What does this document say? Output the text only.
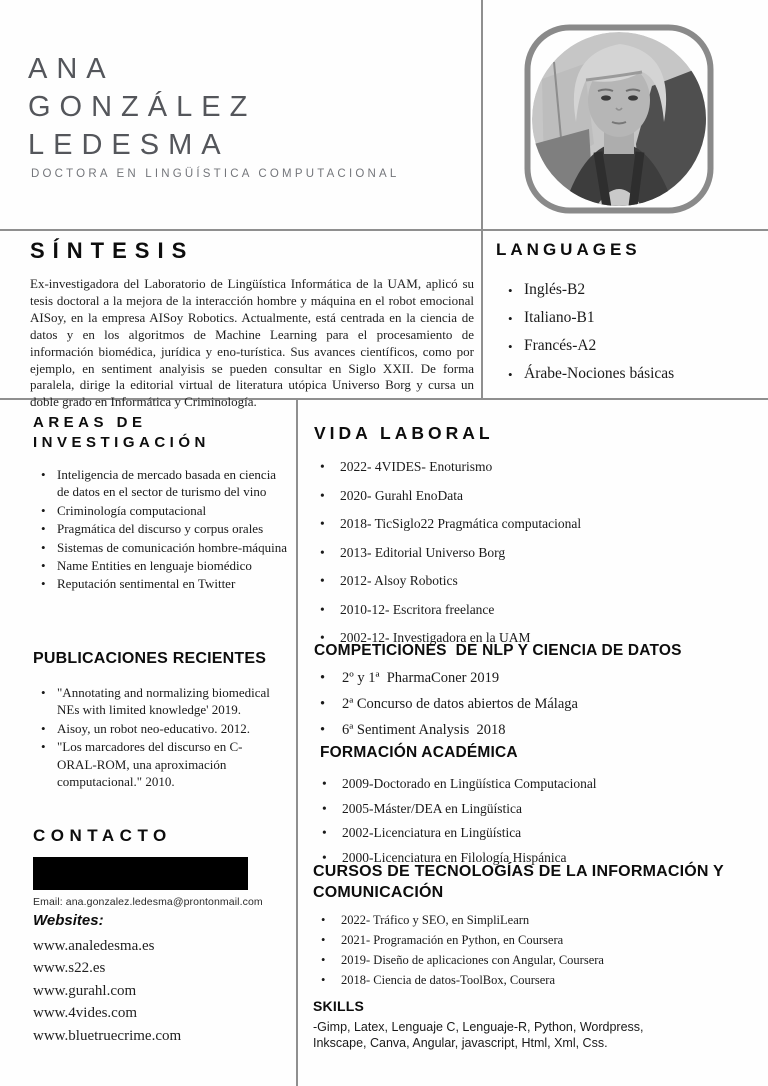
ANA
GONZÁLEZ
LEDESMA
DOCTORA EN LINGÜÍSTICA COMPUTACIONAL
SÍNTESIS
Ex-investigadora del Laboratorio de Lingüística Informática de la UAM, aplicó su tesis doctoral a la mejora de la interacción hombre y máquina en el robot emocional AISoy, en la empresa AISoy Robotics. Actualmente, está centrada en la ciencia de datos y en los algoritmos de Machine Learning para el procesamiento de información biomédica, jurídica y eno-turística. Sus avances científicos, como por ejemplo, en sentiment analyisis se pueden consultar en Siglo XXII. De forma paralela, dirige la editorial virtual de literatura utópica Universo Borg y cursa un doble grado en Informática y Criminología.
LANGUAGES
• Inglés-B2
• Italiano-B1
• Francés-A2
• Árabe-Nociones básicas
AREAS DE
INVESTIGACIÓN
• Inteligencia de mercado basada en ciencia de datos en el sector de turismo del vino
• Criminología computacional
• Pragmática del discurso y corpus orales
• Sistemas de comunicación hombre-máquina
• Name Entities en lenguaje biomédico
• Reputación sentimental en Twitter
PUBLICACIONES RECIENTES
• "Annotating and normalizing biomedical NEs with limited knowledge' 2019.
• Aisoy, un robot neo-educativo. 2012.
• "Los marcadores del discurso en C-ORAL-ROM, una aproximación computacional." 2010.
CONTACTO
Email: ana.gonzalez.ledesma@prontonmail.com
Websites:
www.analedesma.es
www.s22.es
www.gurahl.com
www.4vides.com
www.bluetruecrime.com
VIDA LABORAL
• 2022- 4VIDES- Enoturismo
• 2020- Gurahl EnoData
• 2018- TicSiglo22 Pragmática computacional
• 2013- Editorial Universo Borg
• 2012- Alsoy Robotics
• 2010-12- Escritora freelance
• 2002-12- Investigadora en la UAM
COMPETICIONES  DE NLP Y CIENCIA DE DATOS
• 2º y 1ª  PharmaConer 2019
• 2ª Concurso de datos abiertos de Málaga
• 6ª Sentiment Analysis  2018
FORMACIÓN ACADÉMICA
• 2009-Doctorado en Lingüística Computacional
• 2005-Máster/DEA en Lingüística
• 2002-Licenciatura en Lingüística
• 2000-Licenciatura en Filología Hispánica
CURSOS DE TECNOLOGÍAS DE LA INFORMACIÓN Y COMUNICACIÓN
• 2022- Tráfico y SEO, en SimpliLearn
• 2021- Programación en Python, en Coursera
• 2019- Diseño de aplicaciones con Angular, Coursera
• 2018- Ciencia de datos-ToolBox, Coursera
SKILLS
-Gimp, Latex, Lenguaje C, Lenguaje-R, Python, Wordpress, Inkscape, Canva, Angular, javascript, Html, Xml, Css.
